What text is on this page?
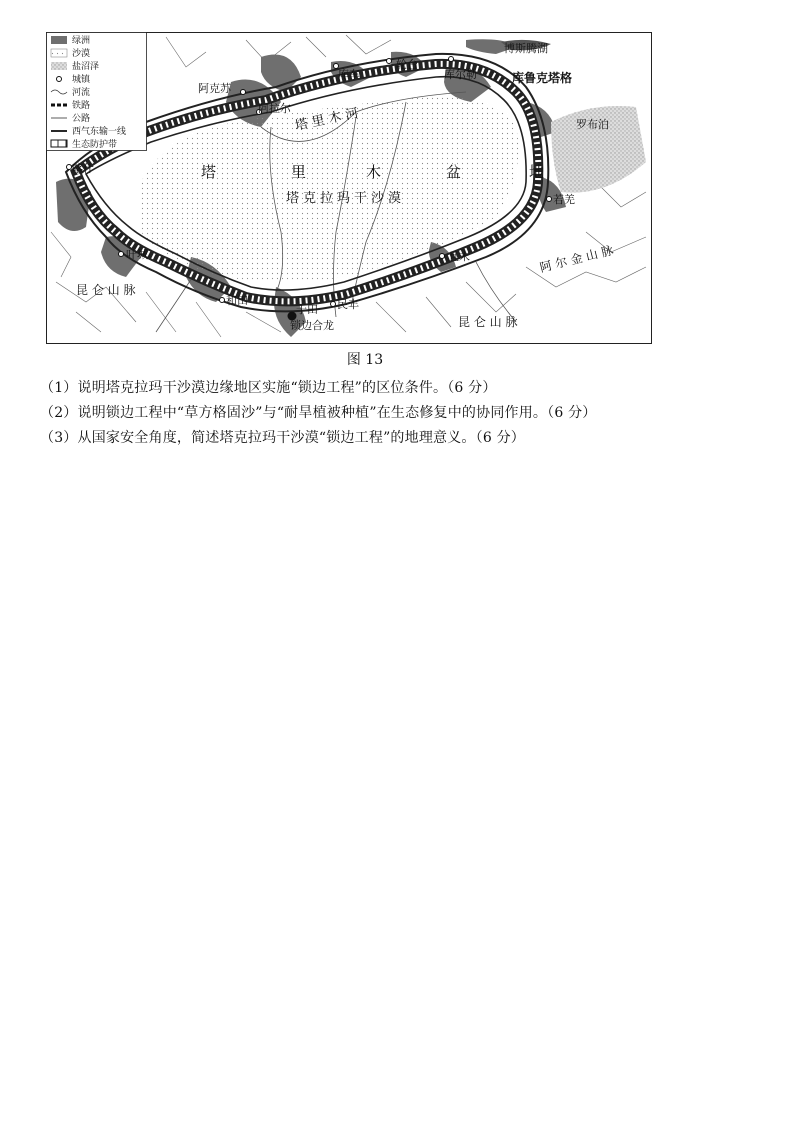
绿洲
沙漠
盐沼泽
城镇
河流
铁路
公路
西气东输一线
生态防护带
阿克苏
阿拉尔
库车
轮台
库尔勒
喀什
叶城
和田
于田
锁边合龙
民丰
且末
若羌
博斯腾湖
库鲁克塔格
罗布泊
塔 里 木 河
塔	里	木	盆	地
塔克拉玛干沙漠
阿 尔 金 山 脉
昆 仑 山 脉
昆 仑 山 脉
图 13
（1）说明塔克拉玛干沙漠边缘地区实施“锁边工程”的区位条件。（6 分）
（2）说明锁边工程中“草方格固沙”与“耐旱植被种植”在生态修复中的协同作用。（6 分）
（3）从国家安全角度，简述塔克拉玛干沙漠“锁边工程”的地理意义。（6 分）
